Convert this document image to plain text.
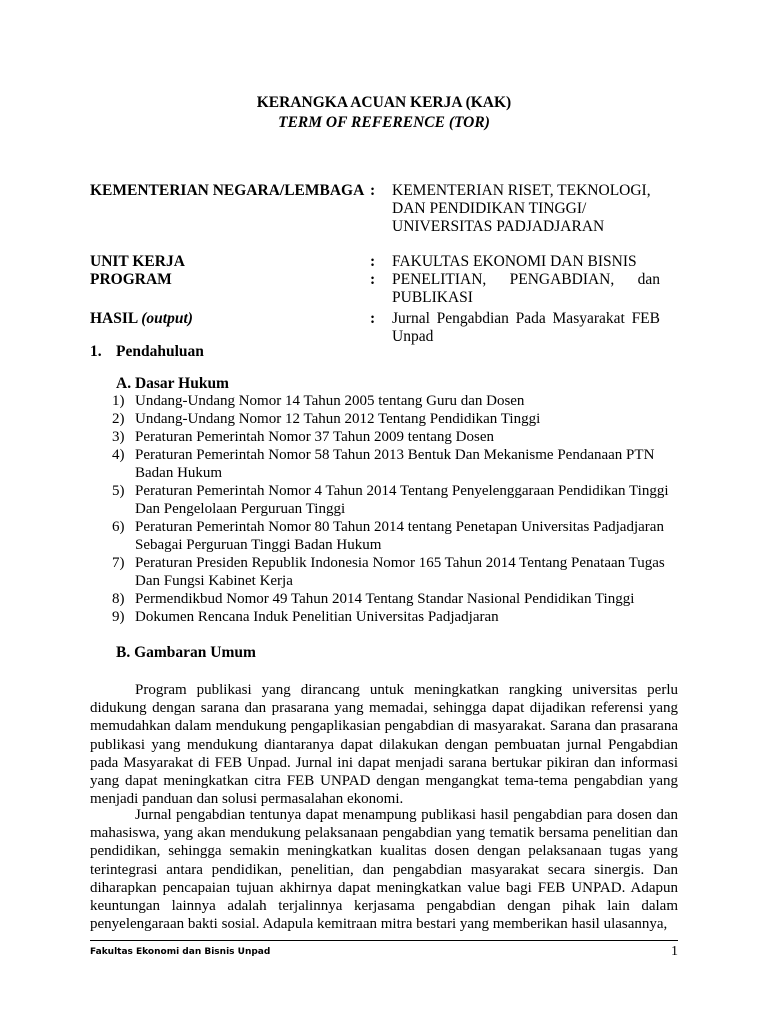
KERANGKA ACUAN KERJA (KAK)
TERM OF REFERENCE (TOR)
KEMENTERIAN NEGARA/LEMBAGA : KEMENTERIAN RISET, TEKNOLOGI,
DAN PENDIDIKAN TINGGI/
UNIVERSITAS PADJADJARAN
UNIT KERJA	: FAKULTAS EKONOMI DAN BISNIS
PROGRAM	: PENELITIAN, PENGABDIAN, dan
PUBLIKASI
HASIL (output)	: Jurnal Pengabdian Pada Masyarakat FEB
Unpad
1. Pendahuluan
A. Dasar Hukum
1) Undang-Undang Nomor 14 Tahun 2005 tentang Guru dan Dosen
2) Undang-Undang Nomor 12 Tahun 2012 Tentang Pendidikan Tinggi
3) Peraturan Pemerintah Nomor 37 Tahun 2009 tentang Dosen
4) Peraturan Pemerintah Nomor 58 Tahun 2013 Bentuk Dan Mekanisme Pendanaan PTN Badan Hukum
5) Peraturan Pemerintah Nomor 4 Tahun 2014 Tentang Penyelenggaraan Pendidikan Tinggi Dan Pengelolaan Perguruan Tinggi
6) Peraturan Pemerintah Nomor 80 Tahun 2014 tentang Penetapan Universitas Padjadjaran Sebagai Perguruan Tinggi Badan Hukum
7) Peraturan Presiden Republik Indonesia Nomor 165 Tahun 2014 Tentang Penataan Tugas Dan Fungsi Kabinet Kerja
8) Permendikbud Nomor 49 Tahun 2014 Tentang Standar Nasional Pendidikan Tinggi
9) Dokumen Rencana Induk Penelitian Universitas Padjadjaran
B. Gambaran Umum

Program publikasi yang dirancang untuk meningkatkan rangking universitas perlu didukung dengan sarana dan prasarana yang memadai, sehingga dapat dijadikan referensi yang memudahkan dalam mendukung pengaplikasian pengabdian di masyarakat. Sarana dan prasarana publikasi yang mendukung diantaranya dapat dilakukan dengan pembuatan jurnal Pengabdian pada Masyarakat di FEB Unpad. Jurnal ini dapat menjadi sarana bertukar pikiran dan informasi yang dapat meningkatkan citra FEB UNPAD dengan mengangkat tema-tema pengabdian yang menjadi panduan dan solusi permasalahan ekonomi.

Jurnal pengabdian tentunya dapat menampung publikasi hasil pengabdian para dosen dan mahasiswa, yang akan mendukung pelaksanaan pengabdian yang tematik bersama penelitian dan pendidikan, sehingga semakin meningkatkan kualitas dosen dengan pelaksanaan tugas yang terintegrasi antara pendidikan, penelitian, dan pengabdian masyarakat secara sinergis. Dan diharapkan pencapaian tujuan akhirnya dapat meningkatkan value bagi FEB UNPAD. Adapun keuntungan lainnya adalah terjalinnya kerjasama pengabdian dengan pihak lain dalam penyelengaraan bakti sosial. Adapula kemitraan mitra bestari yang memberikan hasil ulasannya,

Fakultas Ekonomi dan Bisnis Unpad	1
